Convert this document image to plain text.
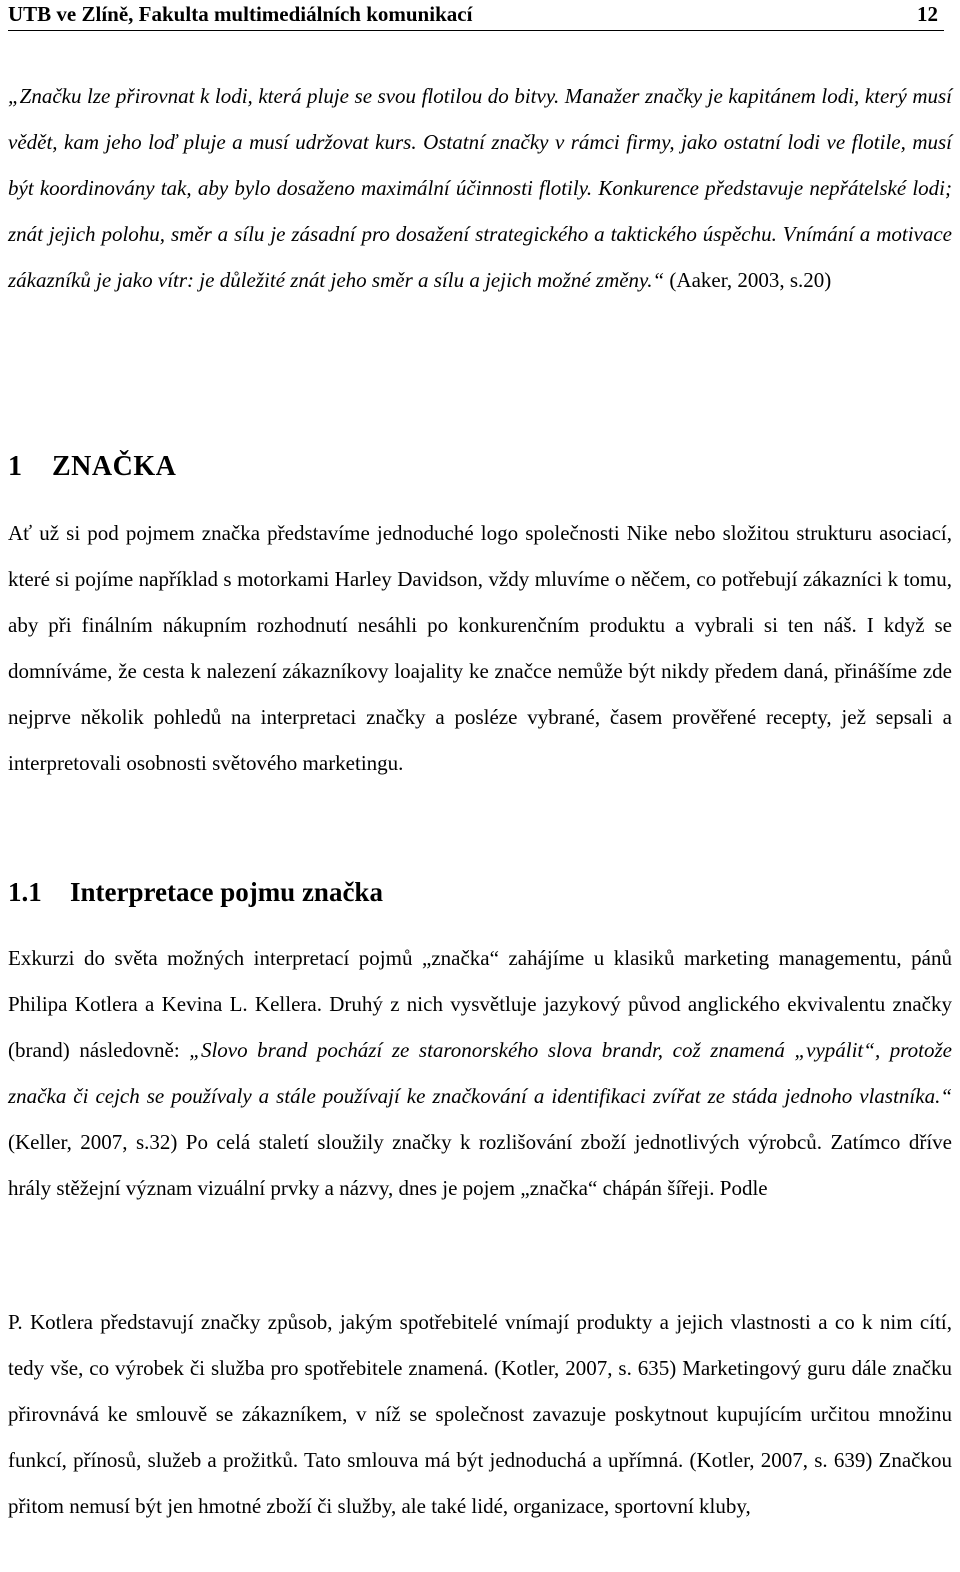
UTB ve Zlíně, Fakulta multimediálních komunikací	12

„Značku lze přirovnat k lodi, která pluje se svou flotilou do bitvy. Manažer značky je kapitánem lodi, který musí vědět, kam jeho loď pluje a musí udržovat kurs. Ostatní značky v rámci firmy, jako ostatní lodi ve flotile, musí být koordinovány tak, aby bylo dosaženo maximální účinnosti flotily. Konkurence představuje nepřátelské lodi; znát jejich polohu, směr a sílu je zásadní pro dosažení strategického a taktického úspěchu. Vnímání a motivace zákazníků je jako vítr: je důležité znát jeho směr a sílu a jejich možné změny.“ (Aaker, 2003, s.20)

1 ZNAČKA

Ať už si pod pojmem značka představíme jednoduché logo společnosti Nike nebo složitou strukturu asociací, které si pojíme například s motorkami Harley Davidson, vždy mluvíme o něčem, co potřebují zákazníci k tomu, aby při finálním nákupním rozhodnutí nesáhli po konkurenčním produktu a vybrali si ten náš. I když se domníváme, že cesta k nalezení zákazníkovy loajality ke značce nemůže být nikdy předem daná, přinášíme zde nejprve několik pohledů na interpretaci značky a posléze vybrané, časem prověřené recepty, jež sepsali a interpretovali osobnosti světového marketingu.

1.1 Interpretace pojmu značka

Exkurzi do světa možných interpretací pojmů „značka“ zahájíme u klasiků marketing managementu, pánů Philipa Kotlera a Kevina L. Kellera. Druhý z nich vysvětluje jazykový původ anglického ekvivalentu značky (brand) následovně: „Slovo brand pochází ze staronorského slova brandr, což znamená „vypálit“, protože značka či cejch se používaly a stále používají ke značkování a identifikaci zvířat ze stáda jednoho vlastníka.“ (Keller, 2007, s.32) Po celá staletí sloužily značky k rozlišování zboží jednotlivých výrobců. Zatímco dříve hrály stěžejní význam vizuální prvky a názvy, dnes je pojem „značka“ chápán šířeji. Podle

P. Kotlera představují značky způsob, jakým spotřebitelé vnímají produkty a jejich vlastnosti a co k nim cítí, tedy vše, co výrobek či služba pro spotřebitele znamená. (Kotler, 2007, s. 635) Marketingový guru dále značku přirovnává ke smlouvě se zákazníkem, v níž se společnost zavazuje poskytnout kupujícím určitou množinu funkcí, přínosů, služeb a prožitků. Tato smlouva má být jednoduchá a upřímná. (Kotler, 2007, s. 639) Značkou přitom nemusí být jen hmotné zboží či služby, ale také lidé, organizace, sportovní kluby,
